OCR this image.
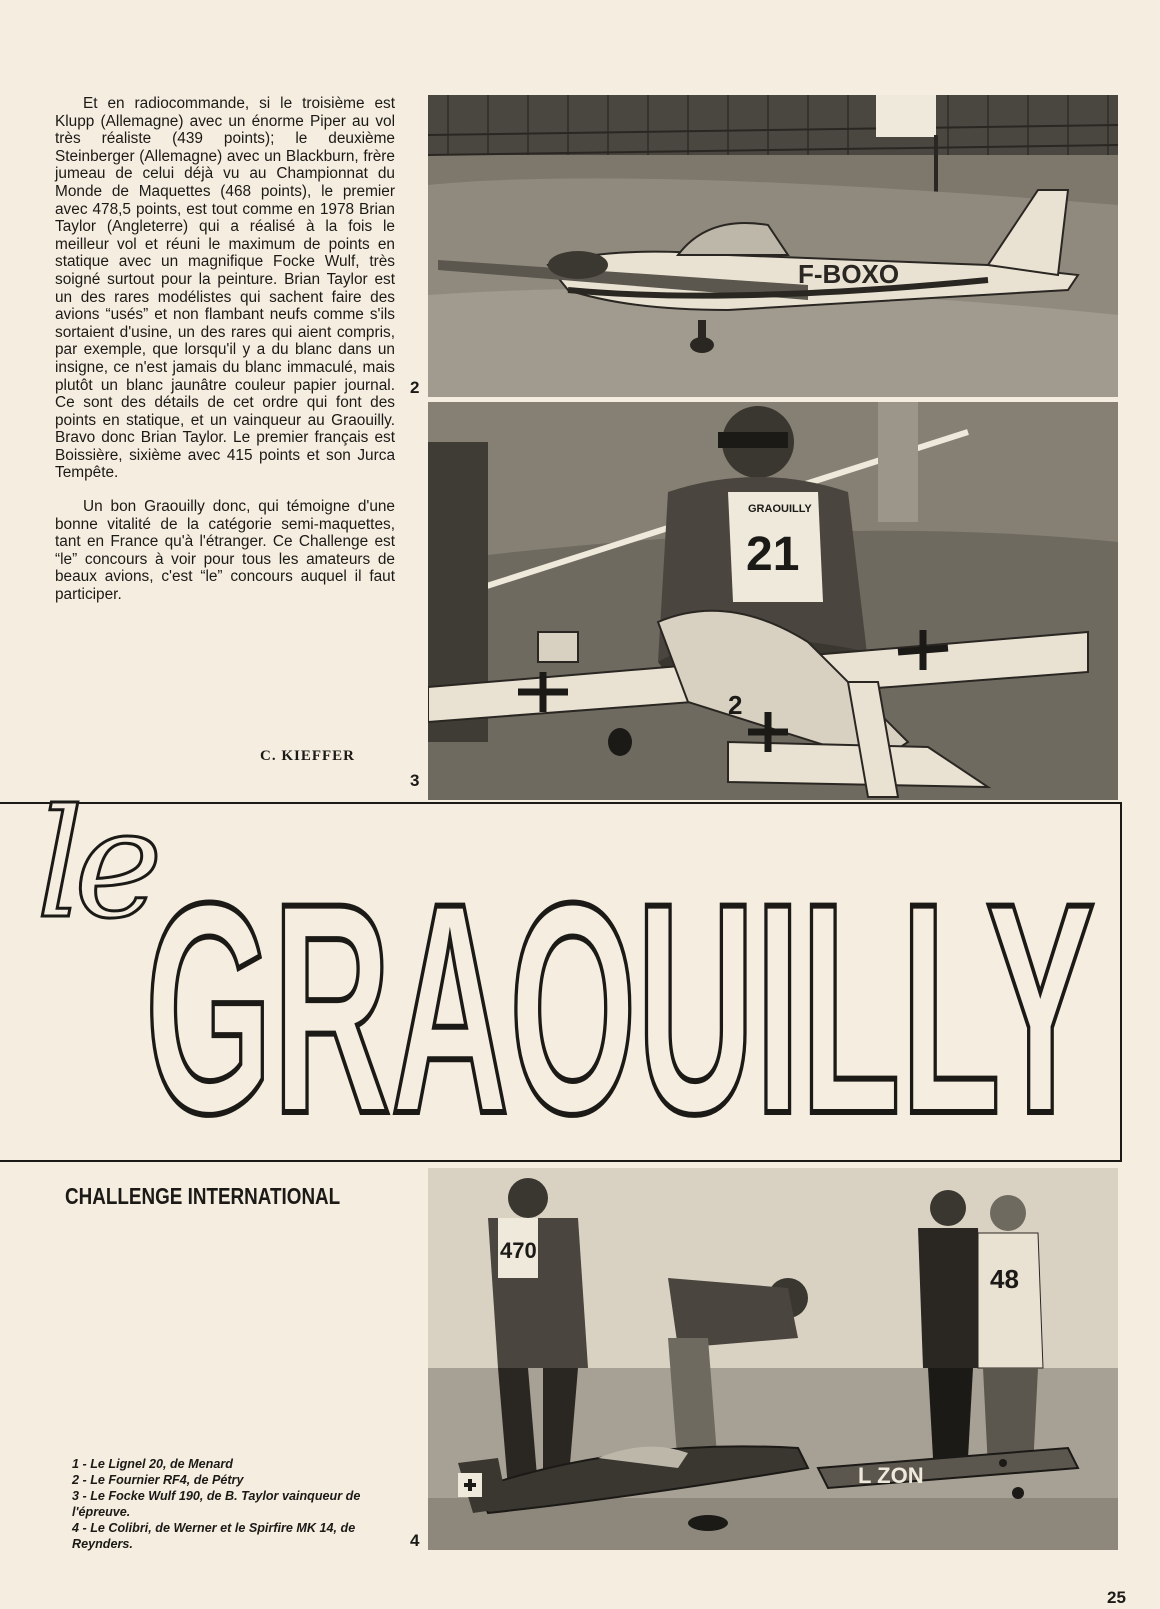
Et en radiocommande, si le troisième est Klupp (Allemagne) avec un énorme Piper au vol très réaliste (439 points); le deuxième Steinberger (Allemagne) avec un Blackburn, frère jumeau de celui déjà vu au Championnat du Monde de Maquettes (468 points), le premier avec 478,5 points, est tout comme en 1978 Brian Taylor (Angleterre) qui a réalisé à la fois le meilleur vol et réuni le maximum de points en statique avec un magnifique Focke Wulf, très soigné surtout pour la peinture. Brian Taylor est un des rares modélistes qui sachent faire des avions “usés” et non flambant neufs comme s'ils sortaient d'usine, un des rares qui aient compris, par exemple, que lorsqu'il y a du blanc dans un insigne, ce n'est jamais du blanc immaculé, mais plutôt un blanc jaunâtre couleur papier journal. Ce sont des détails de cet ordre qui font des points en statique, et un vainqueur au Graouilly. Bravo donc Brian Taylor. Le premier français est Boissière, sixième avec 415 points et son Jurca Tempête.

Un bon Graouilly donc, qui témoigne d'une bonne vitalité de la catégorie semi-maquettes, tant en France qu'à l'étranger. Ce Challenge est “le” concours à voir pour tous les amateurs de beaux avions, c'est “le” concours auquel il faut participer.

C. KIEFFER
F-BOXO
2
GRAOUILLY
21
2
3
le
GRAOUILLY
CHALLENGE INTERNATIONAL
470
48
L ZON
4
1 - Le Lignel 20, de Menard
2 - Le Fournier RF4, de Pétry
3 - Le Focke Wulf 190, de B. Taylor vainqueur de l'épreuve.
4 - Le Colibri, de Werner et le Spirfire MK 14, de Reynders.
25
